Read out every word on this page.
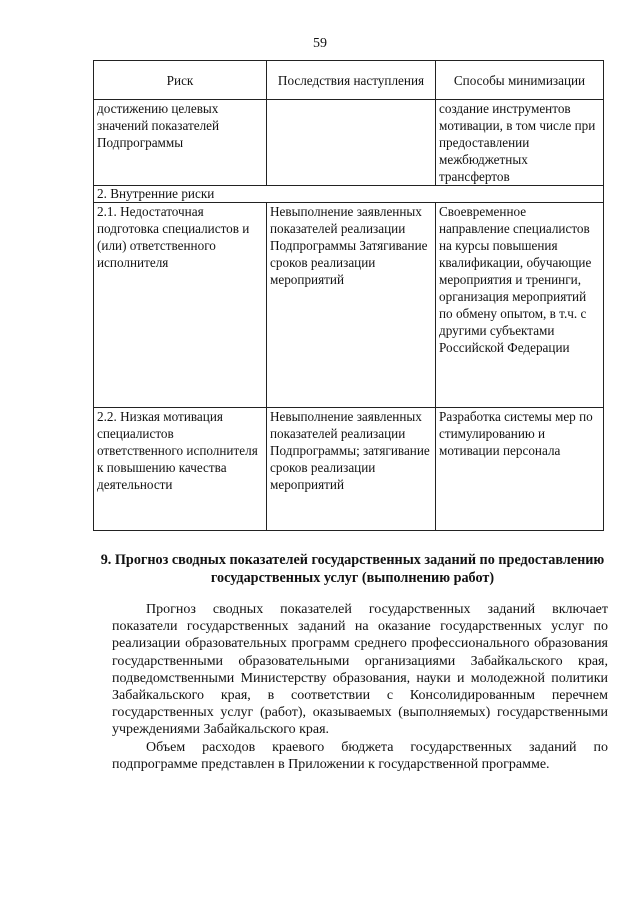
59
Риск	Последствия наступления	Способы минимизации
достижению целевых значений показателей Подпрограммы		создание инструментов мотивации, в том числе при предоставлении межбюджетных трансфертов
2. Внутренние риски		
2.1. Недостаточная подготовка специалистов и (или) ответственного исполнителя	Невыполнение заявленных показателей реализации Подпрограммы Затягивание сроков реализации мероприятий	Своевременное направление специалистов на курсы повышения квалификации, обучающие мероприятия и тренинги, организация мероприятий по обмену опытом, в т.ч. с другими субъектами Российской Федерации
2.2. Низкая мотивация специалистов ответственного исполнителя к повышению качества деятельности	Невыполнение заявленных показателей реализации Подпрограммы; затягивание сроков реализации мероприятий	Разработка системы мер по стимулированию и мотивации персонала
9. Прогноз сводных показателей государственных заданий по предоставлению государственных услуг (выполнению работ)

Прогноз сводных показателей государственных заданий включает показатели государственных заданий на оказание государственных услуг по реализации образовательных программ среднего профессионального образования государственными образовательными организациями Забайкальского края, подведомственными Министерству образования, науки и молодежной политики Забайкальского края, в соответствии с Консолидированным перечнем государственных услуг (работ), оказываемых (выполняемых) государственными учреждениями Забайкальского края.

Объем расходов краевого бюджета государственных заданий по подпрограмме представлен в Приложении к государственной программе.
